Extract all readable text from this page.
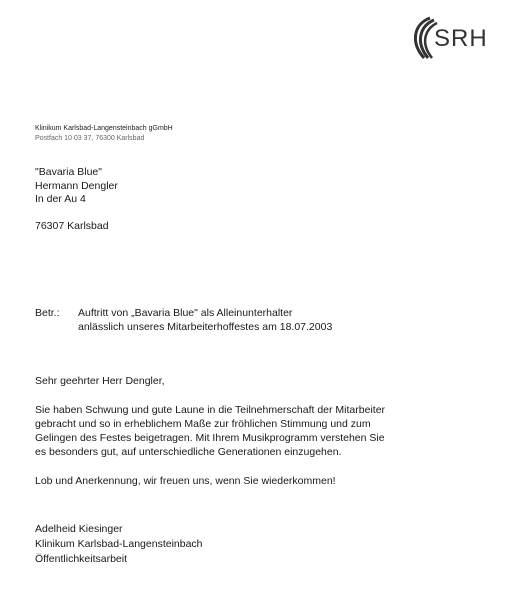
SRH
Klinikum Karlsbad-Langensteinbach gGmbH
Postfach 10 03 37, 76300 Karlsbad
"Bavaria Blue"
Hermann Dengler
In der Au 4
76307 Karlsbad
Betr.:	Auftritt von „Bavaria Blue" als Alleinunterhalter
anlässlich unseres Mitarbeiterhoffestes am 18.07.2003

Sehr geehrter Herr Dengler,

Sie haben Schwung und gute Laune in die Teilnehmerschaft der Mitarbeiter
gebracht und so in erheblichem Maße zur fröhlichen Stimmung und zum
Gelingen des Festes beigetragen. Mit Ihrem Musikprogramm verstehen Sie
es besonders gut, auf unterschiedliche Generationen einzugehen.

Lob und Anerkennung, wir freuen uns, wenn Sie wiederkommen!

Adelheid Kiesinger
Klinikum Karlsbad-Langensteinbach
Öffentlichkeitsarbeit
